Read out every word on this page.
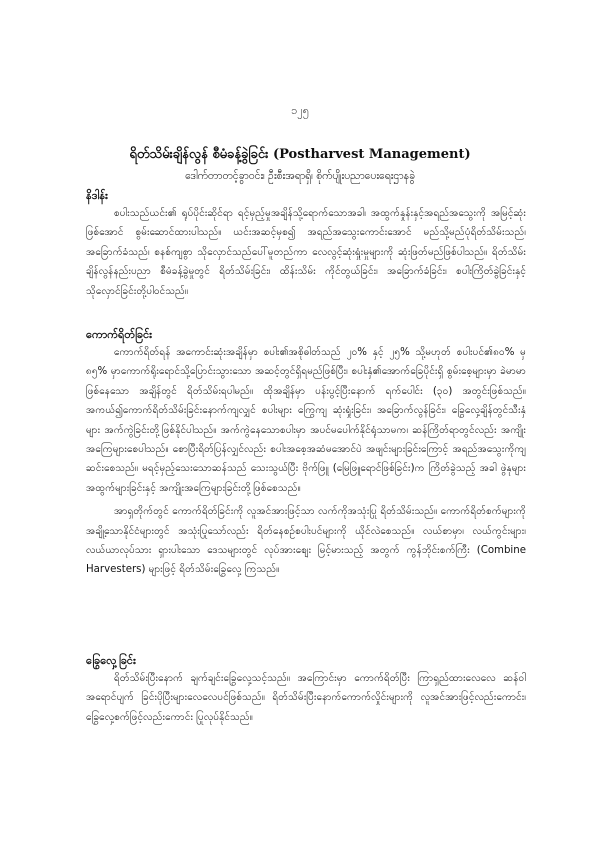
၁၂၅
ရိတ်သိမ်းချိန်လွန် စီမံခန့်ခွဲခြင်း (Postharvest Management)
ဒေါက်တာတင့်ခွာဝင်း၊ ဦးစီးအရာရှိ၊ စိုက်ပျိုးပညာပေးရေးဌာနခွဲ
နိဒါန်း

စပါးသည်ယင်း၏ ရုပ်ပိုင်းဆိုင်ရာ ရင့်မှည့်မှုအချိန်သို့ရောက်သောအခါ၊ အထွက်နှုန်းနှင့်အရည်အသွေးကို အမြင့်ဆုံးဖြစ်အောင် စွမ်းဆောင်ထားပါသည်။ ယင်းအဆင့်မှစ၍ အရည်အသွေးကောင်းအောင် မည်သို့မည်ပုံရိတ်သိမ်းသည်၊ အခြောက်ခံသည်၊ စနစ်ကျစွာ သိုလှောင်သည်ပေါ်မူတည်ကာ လေလွင့်ဆုံးရှုံးမှုများကို ဆုံးဖြတ်မည်ဖြစ်ပါသည်။ ရိတ်သိမ်းချိန်လွန်နည်းပညာ စီမံခန့်ခွဲမှုတွင် ရိတ်သိမ်းခြင်း၊ ထိန်းသိမ်း ကိုင်တွယ်ခြင်း၊ အခြောက်ခံခြင်း၊ စပါးကြိတ်ခွဲခြင်းနှင့် သိုလှောင်ခြင်းတို့ပါဝင်သည်။

ကောက်ရိတ်ခြင်း

ကောက်ရိတ်ရန် အကောင်းဆုံးအချိန်မှာ စပါး၏အစိုဓါတ်သည် ၂၀% နှင့် ၂၅% သို့မဟုတ် စပါးပင်၏၈၀% မှ ၈၅% မှာကောက်ရိုးရောင်သို့ပြောင်းသွားသော အဆင့်တွင်ရှိရမည်ဖြစ်ပြီး၊ စပါးနှံ၏အောက်ခြေပိုင်းရှိ စွမ်းစေ့များမှာ ခဲမာမာဖြစ်နေသော အချိန်တွင် ရိတ်သိမ်းရပါမည်။ ထိုအချိန်မှာ ပန်းပွင့်ပြီးနောက် ရက်ပေါင်း (၃၀) အတွင်းဖြစ်သည်။ အကယ်၍ကောက်ရိတ်သိမ်းခြင်းနောက်ကျလျှင် စပါးများ ကြွေကျ ဆုံးရှုံးခြင်း၊ အခြောက်လွန်ခြင်း၊ ခြွေလှေ့ချိန်တွင်သီးနှံများ အက်ကွဲခြင်းတို့ဖြစ်နိုင်ပါသည်။ အက်ကွဲနေသောစပါးမှာ အပင်မပေါက်နိုင်ရုံသာမက၊ ဆန်ကြိတ်ရာတွင်လည်း အကျိုးအကြေများစေပါသည်။ စောပြီးရိတ်ပြန်လျှင်လည်း စပါးအစေ့အဆံမအောင်ပဲ အဖျင်းများခြင်းကြောင့် အရည်အသွေးကိုကျဆင်းစေသည်။ မရင့်မှည့်သေးသောဆန်သည် သေးသွယ်ပြီး ဗိုက်ဖြူ (မြေဖြူရောင်ဖြစ်ခြင်း)က ကြိတ်ခွဲသည့် အခါ ဖွဲနုများအထွက်များခြင်းနှင့် အကျိုးအကြေများခြင်းတို့ဖြစ်စေသည်။

အာရှတိုက်တွင် ကောက်ရိတ်ခြင်းကို လူအင်အားဖြင့်သာ လက်ကိုအသုံးပြု ရိတ်သိမ်းသည်။ ကောက်ရိတ်စက်များကိုအချို့သောနိုင်ငံများတွင် အသုံးပြုသော်လည်း ရိတ်နေစဉ်စပါးပင်များကို ယိုင်လဲစေသည်။ လယ်စာမှာ၊ လယ်ကွင်းများ၊ လယ်ယာလုပ်သား ရှားပါးသော ဒေသများတွင် လုပ်အားစျေး မြင့်မားသည့် အတွက် ကွန်ဘိုင်းစက်ကြီး (Combine Harvesters) များဖြင့် ရိတ်သိမ်းခြွေလှေ့ ကြသည်။

ခြွေလှေ့ခြင်း

ရိတ်သိမ်းပြီးနောက် ချက်ချင်းခြွေလှေ့သင့်သည်။ အကြောင်းမှာ ကောက်ရိတ်ပြီး ကြာရှည်ထားလေလေ ဆန်ဝါအရောင်ပျက် ခြင်းပိုပြီးများလေလေပင်ဖြစ်သည်။ ရိတ်သိမ်းပြီးနောက်ကောက်လှိုင်းများကို လူအင်အားဖြင့်လည်းကောင်း၊ ခြွေလှေ့စက်ဖြင့်လည်းကောင်း ပြုလုပ်နိုင်သည်။
